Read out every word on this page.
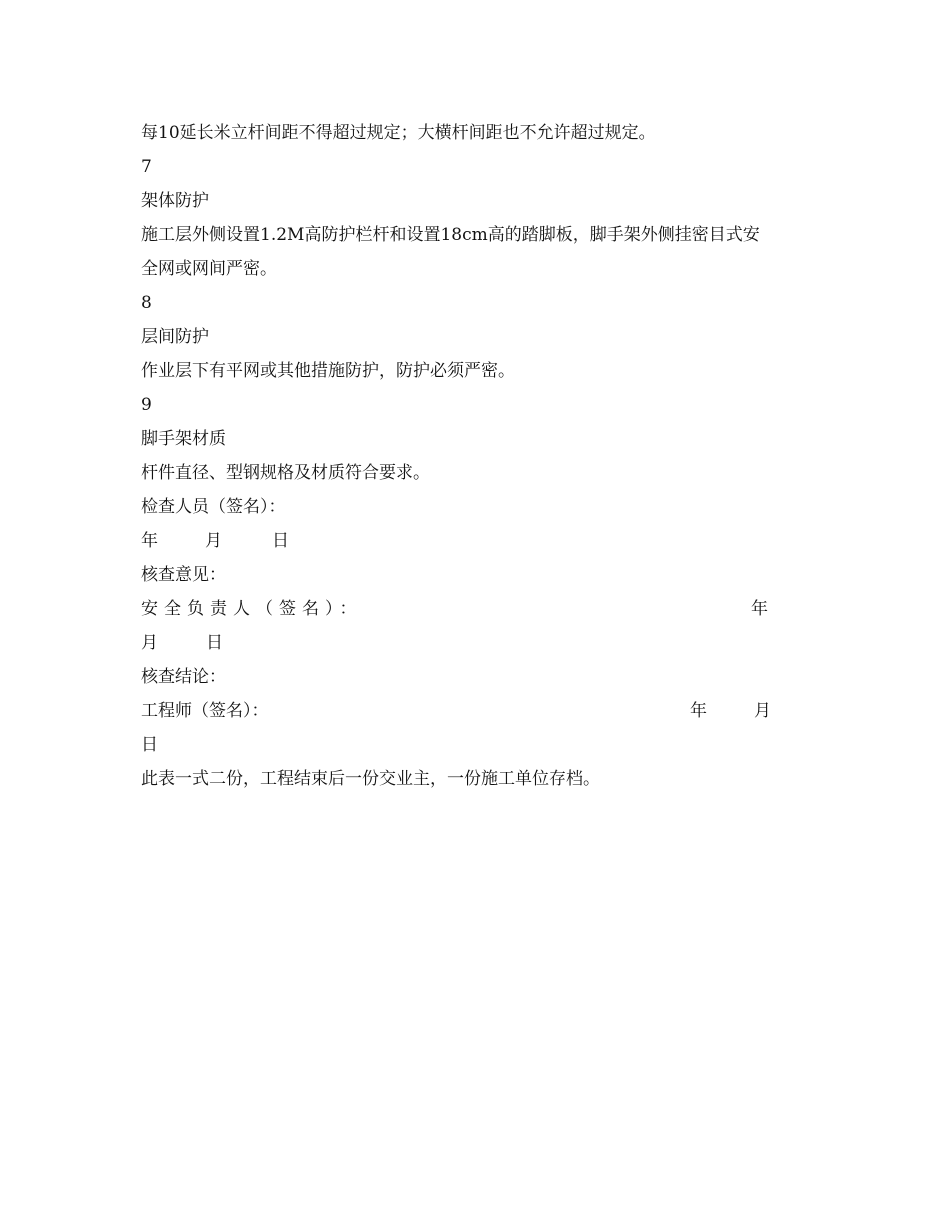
每10延长米立杆间距不得超过规定；大横杆间距也不允许超过规定。
7
架体防护
施工层外侧设置1.2M高防护栏杆和设置18cm高的踏脚板，脚手架外侧挂密目式安
全网或网间严密。
8
层间防护
作业层下有平网或其他措施防护，防护必须严密。
9
脚手架材质
杆件直径、型钢规格及材质符合要求。
检查人员（签名）：
年	月	日
核查意见：
安全负责人（签名）：	年
月	日
核查结论：
工程师（签名）：	年	月
日
此表一式二份，工程结束后一份交业主，一份施工单位存档。
